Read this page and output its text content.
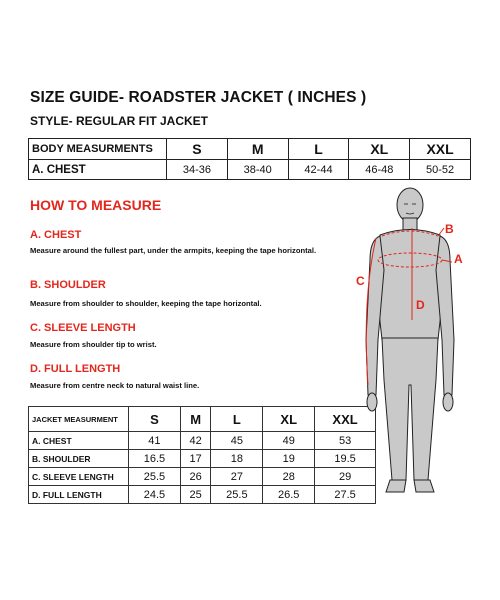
SIZE GUIDE- ROADSTER JACKET ( INCHES )
STYLE- REGULAR FIT JACKET
BODY MEASURMENTS	S	M	L	XL	XXL
A. CHEST	34-36	38-40	42-44	46-48	50-52
HOW TO MEASURE
A. CHEST
Measure around the fullest part, under the armpits, keeping the tape horizontal.
B. SHOULDER
Measure from shoulder to shoulder, keeping the tape horizontal.
C. SLEEVE LENGTH
Measure from shoulder tip to wrist.
D. FULL LENGTH
Measure from centre neck to natural waist line.
JACKET MEASURMENT	S	M	L	XL	XXL
A. CHEST	41	42	45	49	53
B. SHOULDER	16.5	17	18	19	19.5
C. SLEEVE LENGTH	25.5	26	27	28	29
D. FULL LENGTH	24.5	25	25.5	26.5	27.5
B
A
C
D
